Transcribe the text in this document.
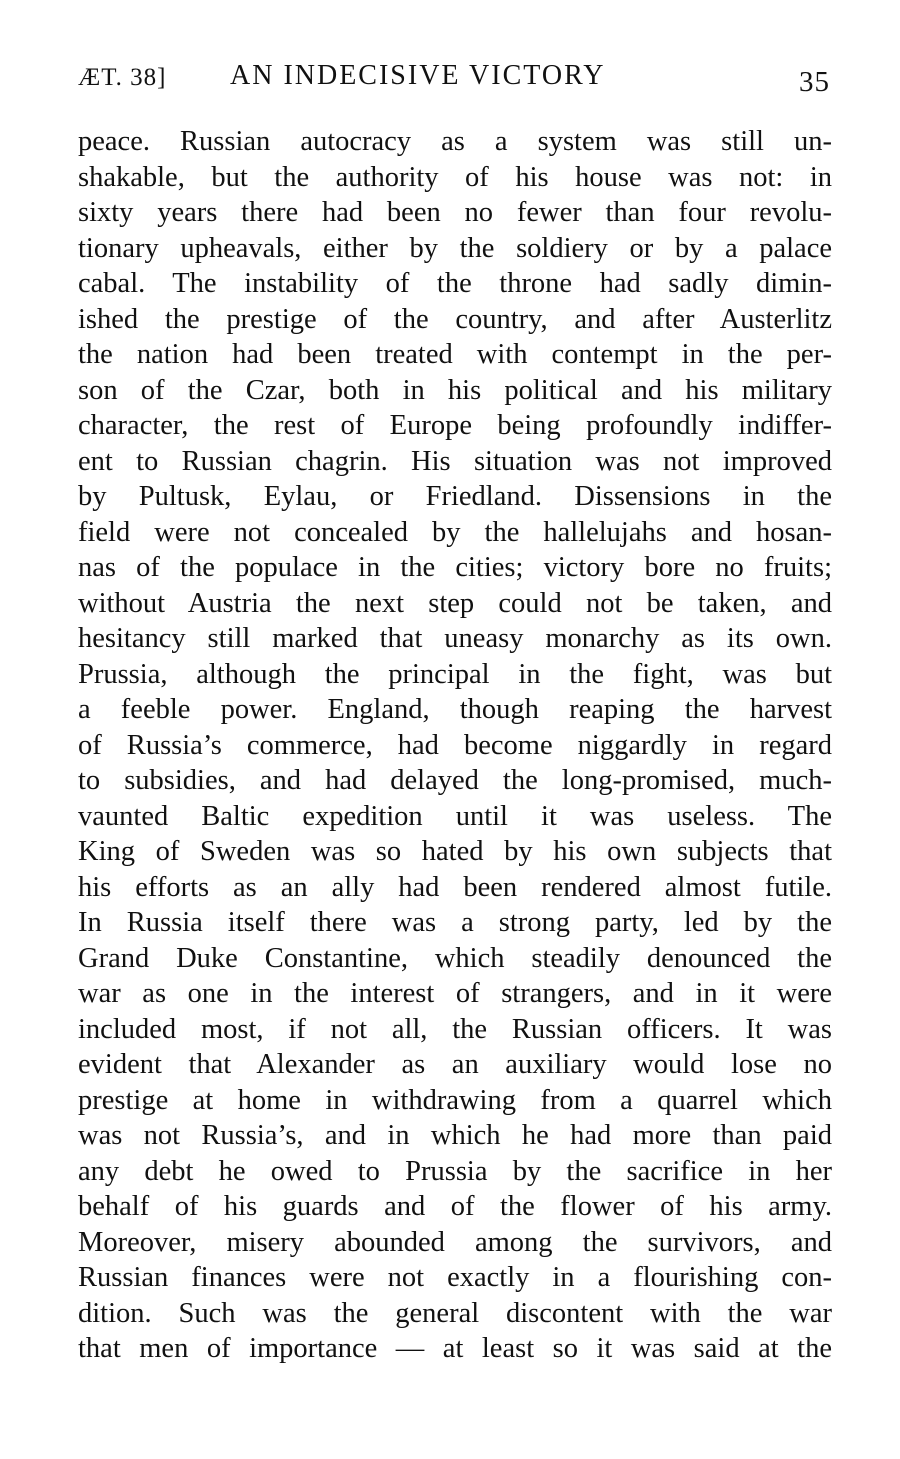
ÆT. 38] AN INDECISIVE VICTORY	35
peace. Russian autocracy as a system was still un-
shakable, but the authority of his house was not: in
sixty years there had been no fewer than four revolu-
tionary upheavals, either by the soldiery or by a palace
cabal. The instability of the throne had sadly dimin-
ished the prestige of the country, and after Austerlitz
the nation had been treated with contempt in the per-
son of the Czar, both in his political and his military
character, the rest of Europe being profoundly indiffer-
ent to Russian chagrin. His situation was not improved
by Pultusk, Eylau, or Friedland. Dissensions in the
field were not concealed by the hallelujahs and hosan-
nas of the populace in the cities; victory bore no fruits;
without Austria the next step could not be taken, and
hesitancy still marked that uneasy monarchy as its own.
Prussia, although the principal in the fight, was but
a feeble power. England, though reaping the harvest
of Russia’s commerce, had become niggardly in regard
to subsidies, and had delayed the long-promised, much-
vaunted Baltic expedition until it was useless. The
King of Sweden was so hated by his own subjects that
his efforts as an ally had been rendered almost futile.
In Russia itself there was a strong party, led by the
Grand Duke Constantine, which steadily denounced the
war as one in the interest of strangers, and in it were
included most, if not all, the Russian officers. It was
evident that Alexander as an auxiliary would lose no
prestige at home in withdrawing from a quarrel which
was not Russia’s, and in which he had more than paid
any debt he owed to Prussia by the sacrifice in her
behalf of his guards and of the flower of his army.
Moreover, misery abounded among the survivors, and
Russian finances were not exactly in a flourishing con-
dition. Such was the general discontent with the war
that men of importance — at least so it was said at the
